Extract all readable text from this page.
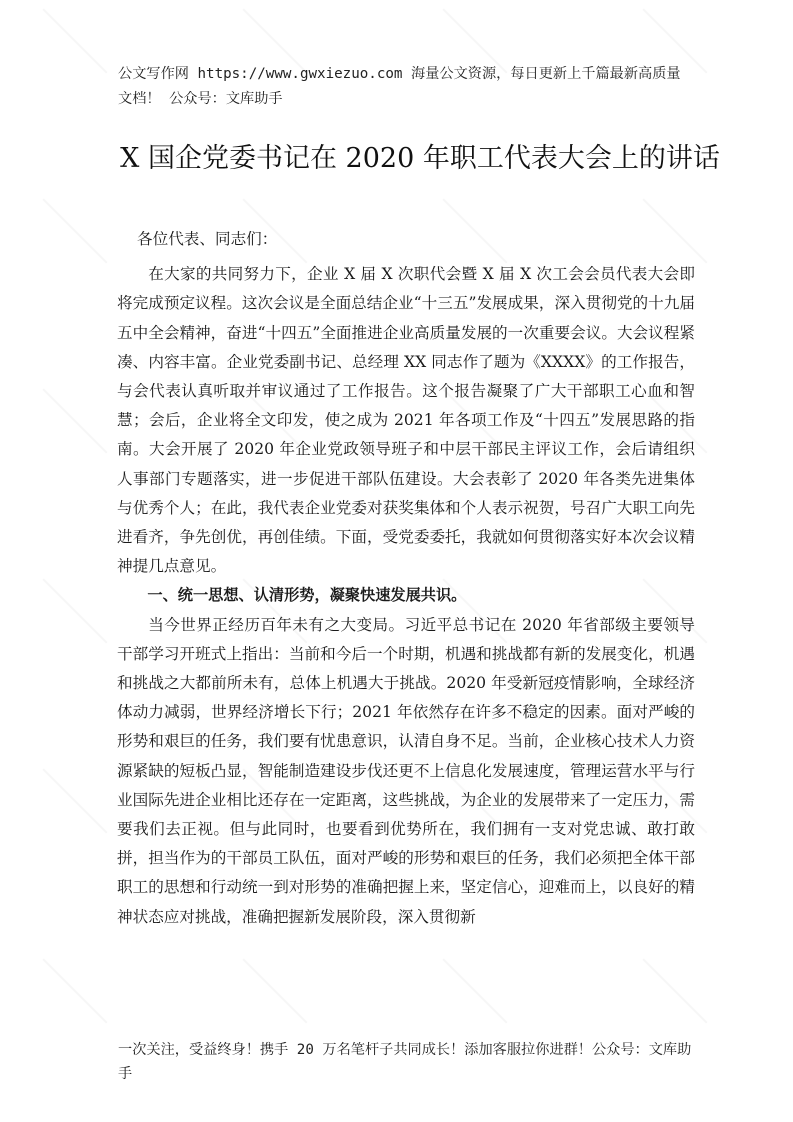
公文写作网 https://www.gwxiezuo.com 海量公文资源，每日更新上千篇最新高质量文档！ 公众号：文库助手
X 国企党委书记在 2020 年职工代表大会上的讲话

各位代表、同志们：

在大家的共同努力下，企业 X 届 X 次职代会暨 X 届 X 次工会会员代表大会即将完成预定议程。这次会议是全面总结企业“十三五”发展成果，深入贯彻党的十九届五中全会精神，奋进“十四五”全面推进企业高质量发展的一次重要会议。大会议程紧凑、内容丰富。企业党委副书记、总经理 XX 同志作了题为《XXXX》的工作报告，与会代表认真听取并审议通过了工作报告。这个报告凝聚了广大干部职工心血和智慧；会后，企业将全文印发，使之成为 2021 年各项工作及“十四五”发展思路的指南。大会开展了 2020 年企业党政领导班子和中层干部民主评议工作，会后请组织人事部门专题落实，进一步促进干部队伍建设。大会表彰了 2020 年各类先进集体与优秀个人；在此，我代表企业党委对获奖集体和个人表示祝贺，号召广大职工向先进看齐，争先创优，再创佳绩。下面，受党委委托，我就如何贯彻落实好本次会议精神提几点意见。

一、统一思想、认清形势，凝聚快速发展共识。

当今世界正经历百年未有之大变局。习近平总书记在 2020 年省部级主要领导干部学习开班式上指出：当前和今后一个时期，机遇和挑战都有新的发展变化，机遇和挑战之大都前所未有，总体上机遇大于挑战。2020 年受新冠疫情影响，全球经济体动力减弱，世界经济增长下行；2021 年依然存在许多不稳定的因素。面对严峻的形势和艰巨的任务，我们要有忧患意识，认清自身不足。当前，企业核心技术人力资源紧缺的短板凸显，智能制造建设步伐还更不上信息化发展速度，管理运营水平与行业国际先进企业相比还存在一定距离，这些挑战，为企业的发展带来了一定压力，需要我们去正视。但与此同时，也要看到优势所在，我们拥有一支对党忠诚、敢打敢拼，担当作为的干部员工队伍，面对严峻的形势和艰巨的任务，我们必须把全体干部职工的思想和行动统一到对形势的准确把握上来，坚定信心，迎难而上，以良好的精神状态应对挑战，准确把握新发展阶段，深入贯彻新

一次关注，受益终身！携手 20 万名笔杆子共同成长！添加客服拉你进群！公众号：文库助手
